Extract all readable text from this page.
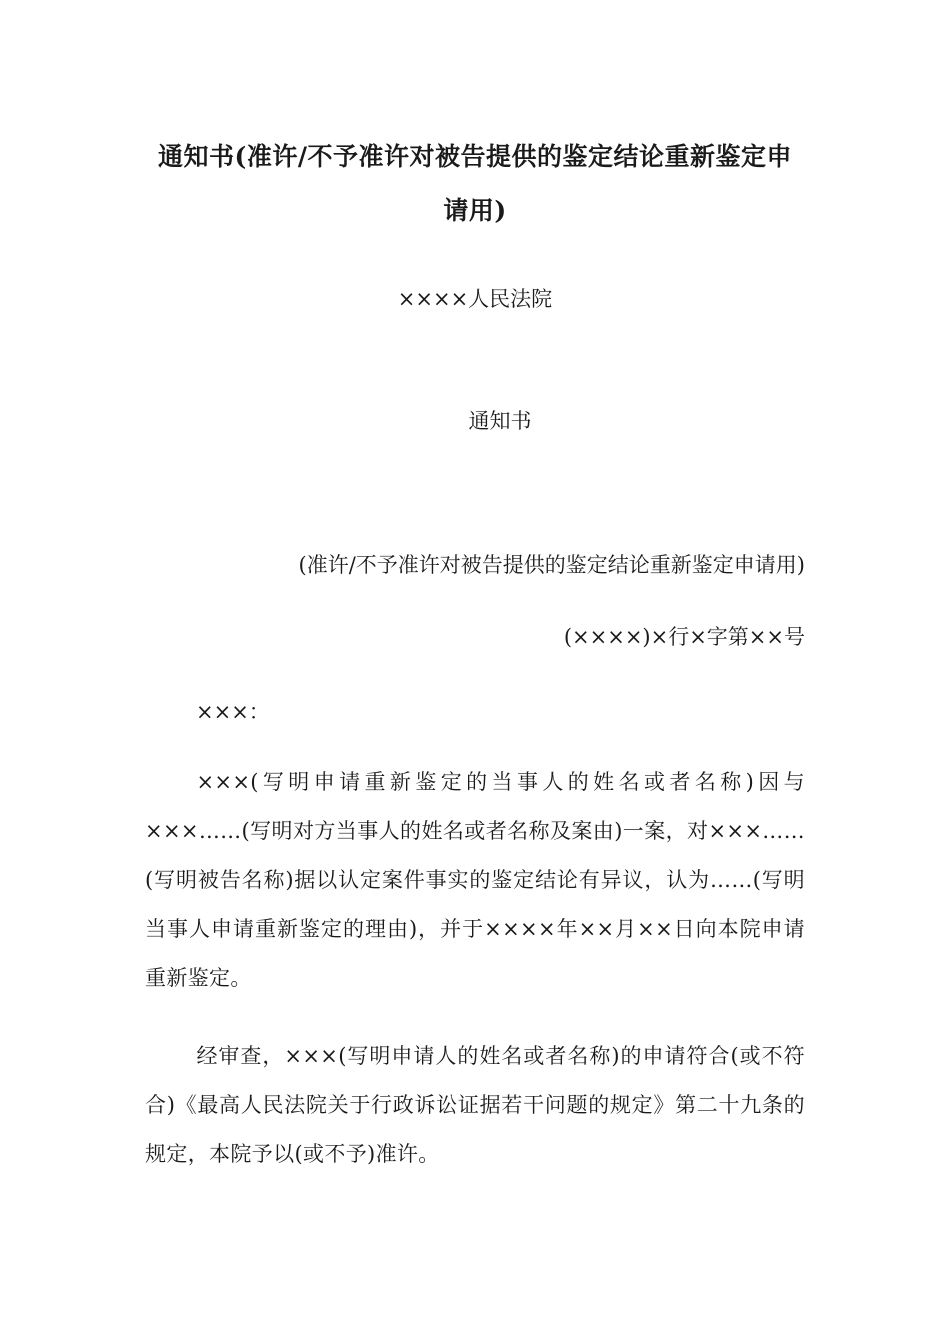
通知书(准许/不予准许对被告提供的鉴定结论重新鉴定申
请用)
××××人民法院
通知书
(准许/不予准许对被告提供的鉴定结论重新鉴定申请用)
(××××)×行×字第××号
×××：

×××(写明申请重新鉴定的当事人的姓名或者名称)因与×××……(写明对方当事人的姓名或者名称及案由)一案，对×××……(写明被告名称)据以认定案件事实的鉴定结论有异议，认为……(写明当事人申请重新鉴定的理由)，并于××××年××月××日向本院申请重新鉴定。

经审查，×××(写明申请人的姓名或者名称)的申请符合(或不符合)《最高人民法院关于行政诉讼证据若干问题的规定》第二十九条的规定，本院予以(或不予)准许。
